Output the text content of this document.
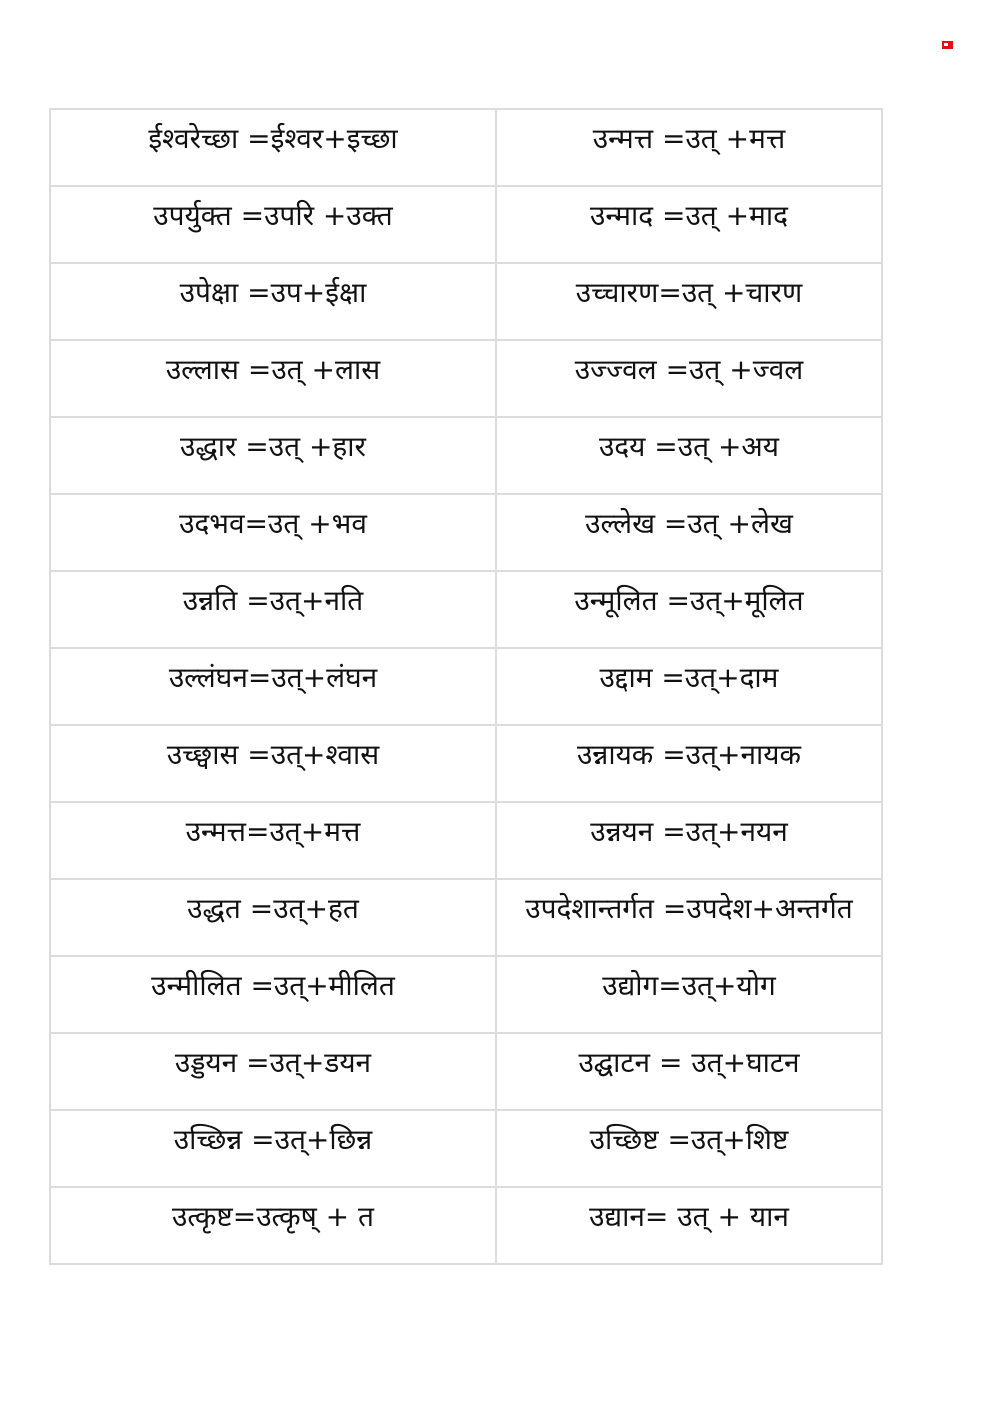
ईश्वरेच्छा =ईश्वर+इच्छा	उन्मत्त =उत् +मत्त

उपर्युक्त =उपरि +उक्त	उन्माद =उत् +माद

उपेक्षा =उप+ईक्षा	उच्चारण=उत् +चारण

उल्लास =उत् +लास	उज्ज्वल =उत् +ज्वल

उद्धार =उत् +हार	उदय =उत् +अय

उदभव=उत् +भव	उल्लेख =उत् +लेख

उन्नति =उत्+नति	उन्मूलित =उत्+मूलित

उल्लंघन=उत्+लंघन	उद्दाम =उत्+दाम

उच्छ्वास =उत्+श्वास	उन्नायक =उत्+नायक

उन्मत्त=उत्+मत्त	उन्नयन =उत्+नयन

उद्धत =उत्+हत	उपदेशान्तर्गत =उपदेश+अन्तर्गत

उन्मीलित =उत्+मीलित	उद्योग=उत्+योग

उड्डयन =उत्+डयन	उद्घाटन = उत्+घाटन

उच्छिन्न =उत्+छिन्न	उच्छिष्ट =उत्+शिष्ट

उत्कृष्ट=उत्कृष् + त	उद्यान= उत् + यान
